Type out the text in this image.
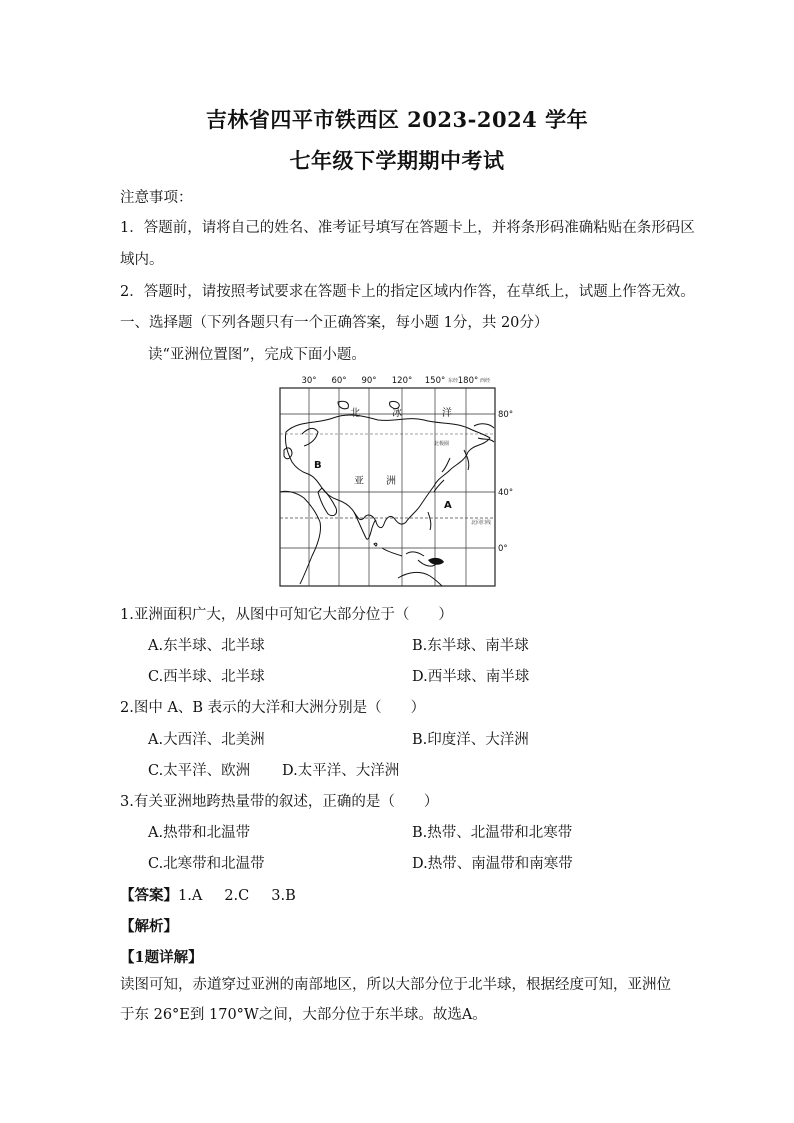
吉林省四平市铁西区 2023-2024 学年
七年级下学期期中考试
注意事项：
1．答题前，请将自己的姓名、准考证号填写在答题卡上，并将条形码准确粘贴在条形码区
域内。
2．答题时，请按照考试要求在答题卡上的指定区域内作答，在草纸上，试题上作答无效。
一、选择题（下列各题只有一个正确答案，每小题 1分，共 20分）
读“亚洲位置图”，完成下面小题。
30° 60° 90° 120° 150° 180°
东经	西经
80°
40°
0°
北	冰	洋
亚 洲
B
A
北极圈
北回归线
1.亚洲面积广大，从图中可知它大部分位于（　　）
A.东半球、北半球	B.东半球、南半球
C.西半球、北半球	D.西半球、南半球
2.图中 A、B 表示的大洋和大洲分别是（　　）
A.大西洋、北美洲	B.印度洋、大洋洲
C.太平洋、欧洲 D.太平洋、大洋洲
3.有关亚洲地跨热量带的叙述，正确的是（　　）
A.热带和北温带	B.热带、北温带和北寒带
C.北寒带和北温带	D.热带、南温带和南寒带
【答案】1.A 2.C 3.B
【解析】
【1题详解】
读图可知，赤道穿过亚洲的南部地区，所以大部分位于北半球，根据经度可知，亚洲位于东 26°E到 170°W之间，大部分位于东半球。故选A。
